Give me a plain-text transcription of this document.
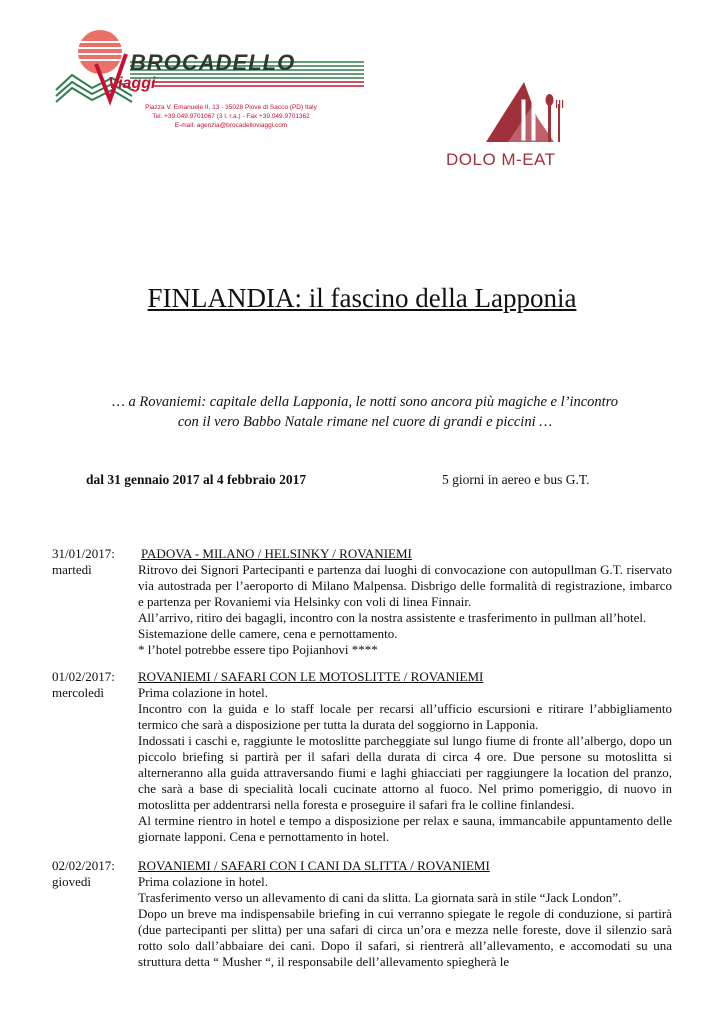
BROCADELLO
Viaggi
Piazza V. Emanuele II, 13 - 35028 Piove di Sacco (PD) Italy
Tel. +39.049.9701067 (3 l. r.a.) - Fax +39.049.9701362
E-mail: agenzia@brocadelloviaggi.com
DOLO M-EAT
FINLANDIA: il fascino della Lapponia
… a Rovaniemi: capitale della Lapponia, le notti sono ancora più magiche e l’incontro
con il vero Babbo Natale rimane nel cuore di grandi e piccini …
dal 31 gennaio 2017 al 4 febbraio 2017	5 giorni in aereo e bus G.T.
31/01/2017:
martedì
PADOVA - MILANO / HELSINKY / ROVANIEMI

Ritrovo dei Signori Partecipanti e partenza dai luoghi di convocazione con autopullman G.T. riservato via autostrada per l’aeroporto di Milano Malpensa. Disbrigo delle formalità di registrazione, imbarco e partenza per Rovaniemi via Helsinky con voli di linea Finnair.

All’arrivo, ritiro dei bagagli, incontro con la nostra assistente e trasferimento in pullman all’hotel.

Sistemazione delle camere, cena e pernottamento.

* l’hotel potrebbe essere tipo Pojianhovi ****

01/02/2017:
mercoledì
ROVANIEMI / SAFARI CON LE MOTOSLITTE / ROVANIEMI

Prima colazione in hotel.

Incontro con la guida e lo staff locale per recarsi all’ufficio escursioni e ritirare l’abbigliamento termico che sarà a disposizione per tutta la durata del soggiorno in Lapponia.

Indossati i caschi e, raggiunte le motoslitte parcheggiate sul lungo fiume di fronte all’albergo, dopo un piccolo briefing si partirà per il safari della durata di circa 4 ore. Due persone su motoslitta si alterneranno alla guida attraversando fiumi e laghi ghiacciati per raggiungere la location del pranzo, che sarà a base di specialità locali cucinate attorno al fuoco. Nel primo pomeriggio, di nuovo in motoslitta per addentrarsi nella foresta e proseguire il safari fra le colline finlandesi.

Al termine rientro in hotel e tempo a disposizione per relax e sauna, immancabile appuntamento delle giornate lapponi. Cena e pernottamento in hotel.

02/02/2017:
giovedì
ROVANIEMI / SAFARI CON I CANI DA SLITTA / ROVANIEMI

Prima colazione in hotel.

Trasferimento verso un allevamento di cani da slitta. La giornata sarà in stile “Jack London”.

Dopo un breve ma indispensabile briefing in cui verranno spiegate le regole di conduzione, si partirà (due partecipanti per slitta) per una safari di circa un’ora e mezza nelle foreste, dove il silenzio sarà rotto solo dall’abbaiare dei cani. Dopo il safari, si rientrerà all’allevamento, e accomodati su una struttura detta “ Musher “, il responsabile dell’allevamento spiegherà le
